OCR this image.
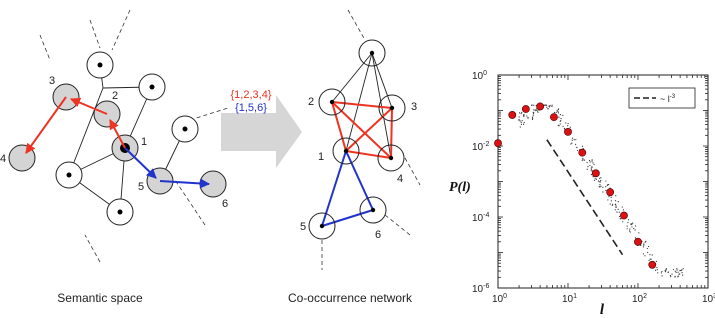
1
2
3
4
5
6
Semantic space
{1,2,3,4}
{1,5,6}
1
2	3
4
5
6
Co-occurrence network	$10^0$	$10^1$	$10^2$	10
$10^0$
$10^{-2}$
$10^{-4}$
$10^{-6}$
~ $l^{-3}$
P(l)
l
